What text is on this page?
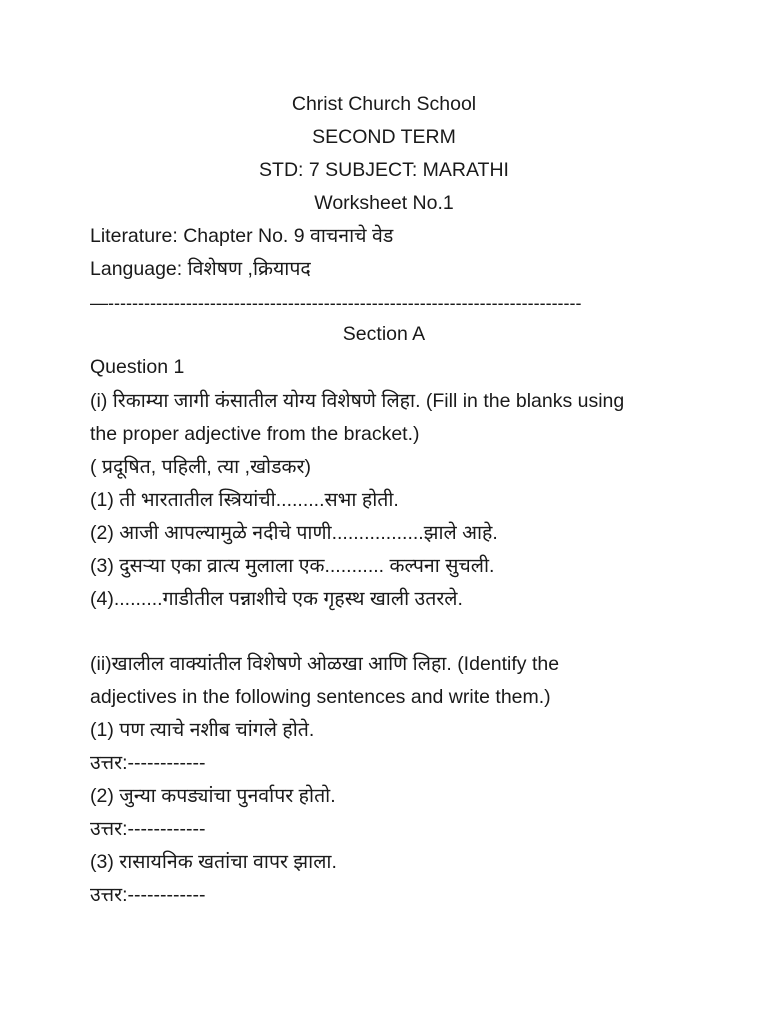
Christ Church School
SECOND TERM
STD: 7 SUBJECT: MARATHI
Worksheet No.1
Literature: Chapter No. 9 वाचनाचे वेड
Language: विशेषण ,क्रियापद
—-------------------------------------------------------------------------------
Section A
Question 1
(i) रिकाम्या जागी कंसातील योग्य विशेषणे लिहा. (Fill in the blanks using
the proper adjective from the bracket.)
( प्रदूषित, पहिली, त्या ,खोडकर)
(1) ती भारतातील स्त्रियांची.........सभा होती.
(2) आजी आपल्यामुळे नदीचे पाणी.................झाले आहे.
(3) दुसऱ्या एका व्रात्य मुलाला एक........... कल्पना सुचली.
(4).........गाडीतील पन्नाशीचे एक गृहस्थ खाली उतरले.
(ii)खालील वाक्यांतील विशेषणे ओळखा आणि लिहा. (Identify the
adjectives in the following sentences and write them.)
(1) पण त्याचे नशीब चांगले होते.
उत्तर:------------
(2) जुन्या कपड्यांचा पुनर्वापर होतो.
उत्तर:------------
(3) रासायनिक खतांचा वापर झाला.
उत्तर:------------
